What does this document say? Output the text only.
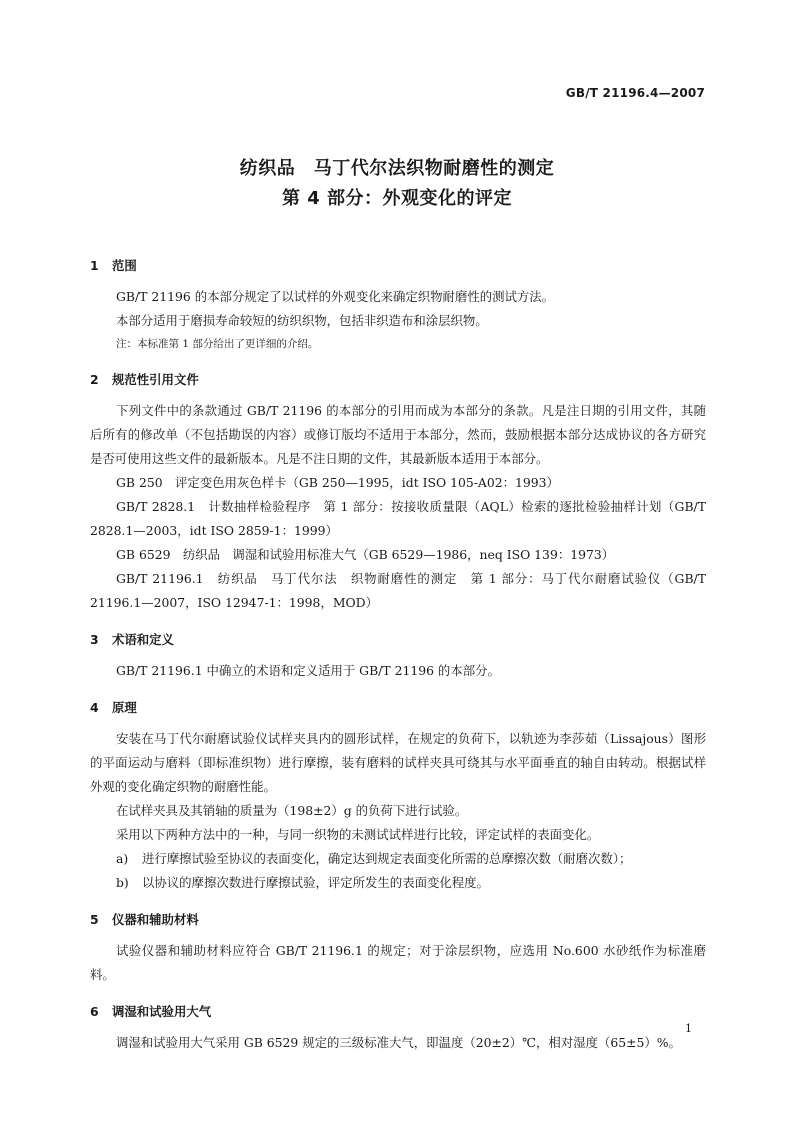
GB/T 21196.4—2007
纺织品　马丁代尔法织物耐磨性的测定
第 4 部分：外观变化的评定
1 范围

GB/T 21196 的本部分规定了以试样的外观变化来确定织物耐磨性的测试方法。

本部分适用于磨损寿命较短的纺织织物，包括非织造布和涂层织物。

注：本标准第 1 部分给出了更详细的介绍。

2 规范性引用文件

下列文件中的条款通过 GB/T 21196 的本部分的引用而成为本部分的条款。凡是注日期的引用文件，其随后所有的修改单（不包括勘误的内容）或修订版均不适用于本部分，然而，鼓励根据本部分达成协议的各方研究是否可使用这些文件的最新版本。凡是不注日期的文件，其最新版本适用于本部分。

GB 250　评定变色用灰色样卡（GB 250—1995，idt ISO 105-A02：1993）

GB/T 2828.1　计数抽样检验程序　第 1 部分：按接收质量限（AQL）检索的逐批检验抽样计划（GB/T 2828.1—2003，idt ISO 2859-1：1999）

GB 6529　纺织品　调湿和试验用标准大气（GB 6529—1986，neq ISO 139：1973）

GB/T 21196.1　纺织品　马丁代尔法　织物耐磨性的测定　第 1 部分：马丁代尔耐磨试验仪（GB/T 21196.1—2007，ISO 12947-1：1998，MOD）

3 术语和定义

GB/T 21196.1 中确立的术语和定义适用于 GB/T 21196 的本部分。

4 原理

安装在马丁代尔耐磨试验仪试样夹具内的圆形试样，在规定的负荷下，以轨迹为李莎茹（Lissajous）图形的平面运动与磨料（即标准织物）进行摩擦，装有磨料的试样夹具可绕其与水平面垂直的轴自由转动。根据试样外观的变化确定织物的耐磨性能。

在试样夹具及其销轴的质量为（198±2）g 的负荷下进行试验。

采用以下两种方法中的一种，与同一织物的未测试试样进行比较，评定试样的表面变化。

a) 进行摩擦试验至协议的表面变化，确定达到规定表面变化所需的总摩擦次数（耐磨次数）；

b) 以协议的摩擦次数进行摩擦试验，评定所发生的表面变化程度。

5 仪器和辅助材料

试验仪器和辅助材料应符合 GB/T 21196.1 的规定；对于涂层织物，应选用 No.600 水砂纸作为标准磨料。

6 调湿和试验用大气

调湿和试验用大气采用 GB 6529 规定的三级标准大气，即温度（20±2）℃，相对湿度（65±5）%。

1
